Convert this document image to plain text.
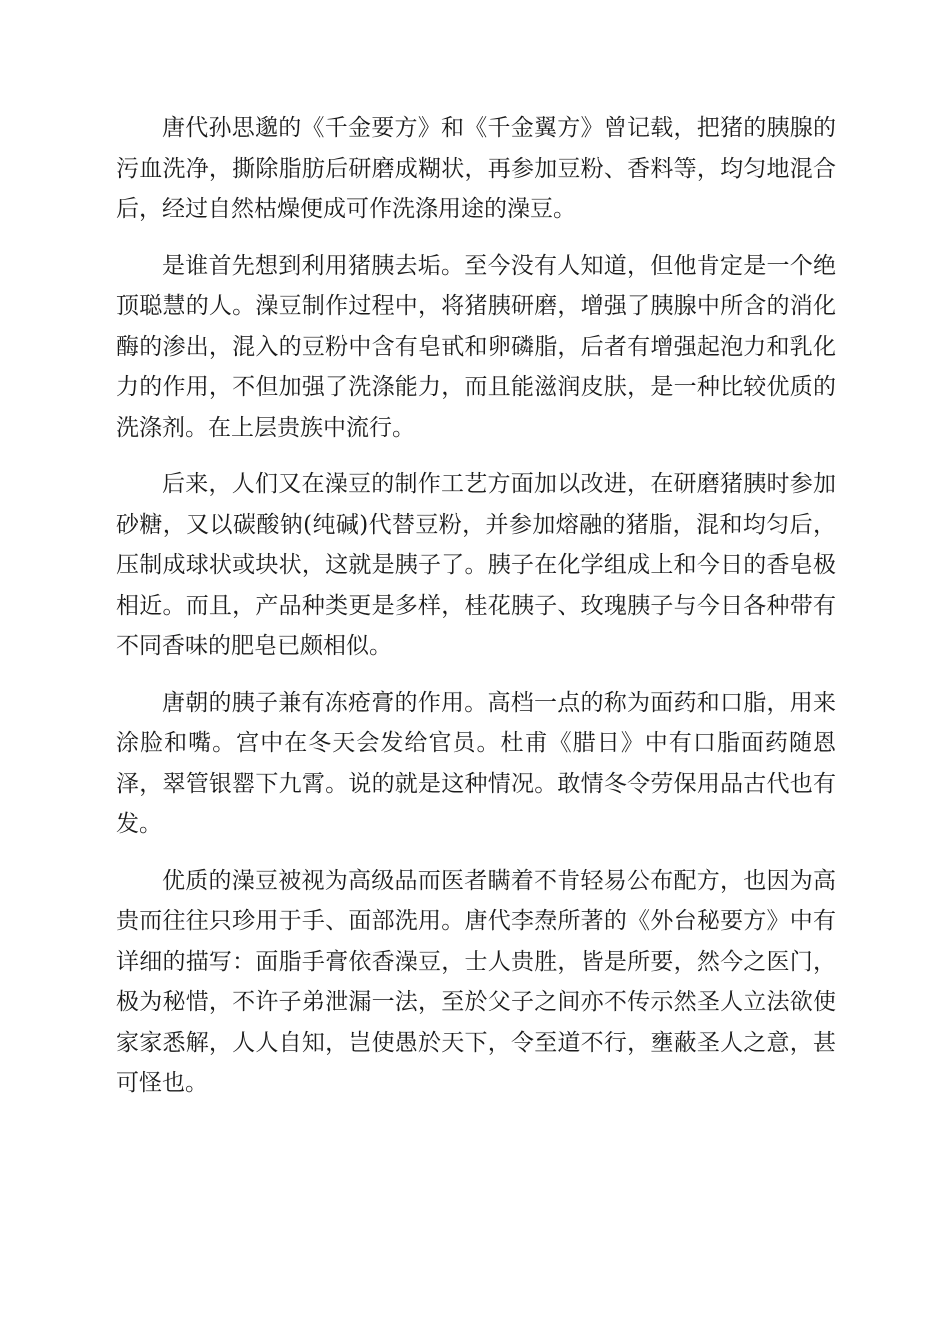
唐代孙思邈的《千金要方》和《千金翼方》曾记载，把猪的胰腺的污血洗净，撕除脂肪后研磨成糊状，再参加豆粉、香料等，均匀地混合后，经过自然枯燥便成可作洗涤用途的澡豆。

是谁首先想到利用猪胰去垢。至今没有人知道，但他肯定是一个绝顶聪慧的人。澡豆制作过程中，将猪胰研磨，增强了胰腺中所含的消化酶的渗出，混入的豆粉中含有皂甙和卵磷脂，后者有增强起泡力和乳化力的作用，不但加强了洗涤能力，而且能滋润皮肤，是一种比较优质的洗涤剂。在上层贵族中流行。

后来，人们又在澡豆的制作工艺方面加以改进，在研磨猪胰时参加砂糖，又以碳酸钠(纯碱)代替豆粉，并参加熔融的猪脂，混和均匀后，压制成球状或块状，这就是胰子了。胰子在化学组成上和今日的香皂极相近。而且，产品种类更是多样，桂花胰子、玫瑰胰子与今日各种带有不同香味的肥皂已颇相似。

唐朝的胰子兼有冻疮膏的作用。高档一点的称为面药和口脂，用来涂脸和嘴。宫中在冬天会发给官员。杜甫《腊日》中有口脂面药随恩泽，翠管银罂下九霄。说的就是这种情况。敢情冬令劳保用品古代也有发。

优质的澡豆被视为高级品而医者瞒着不肯轻易公布配方，也因为高贵而往往只珍用于手、面部洗用。唐代李焘所著的《外台秘要方》中有详细的描写：面脂手膏依香澡豆，士人贵胜，皆是所要，然今之医门，极为秘惜，不许子弟泄漏一法，至於父子之间亦不传示然圣人立法欲使家家悉解，人人自知，岂使愚於天下，令至道不行，壅蔽圣人之意，甚可怪也。
